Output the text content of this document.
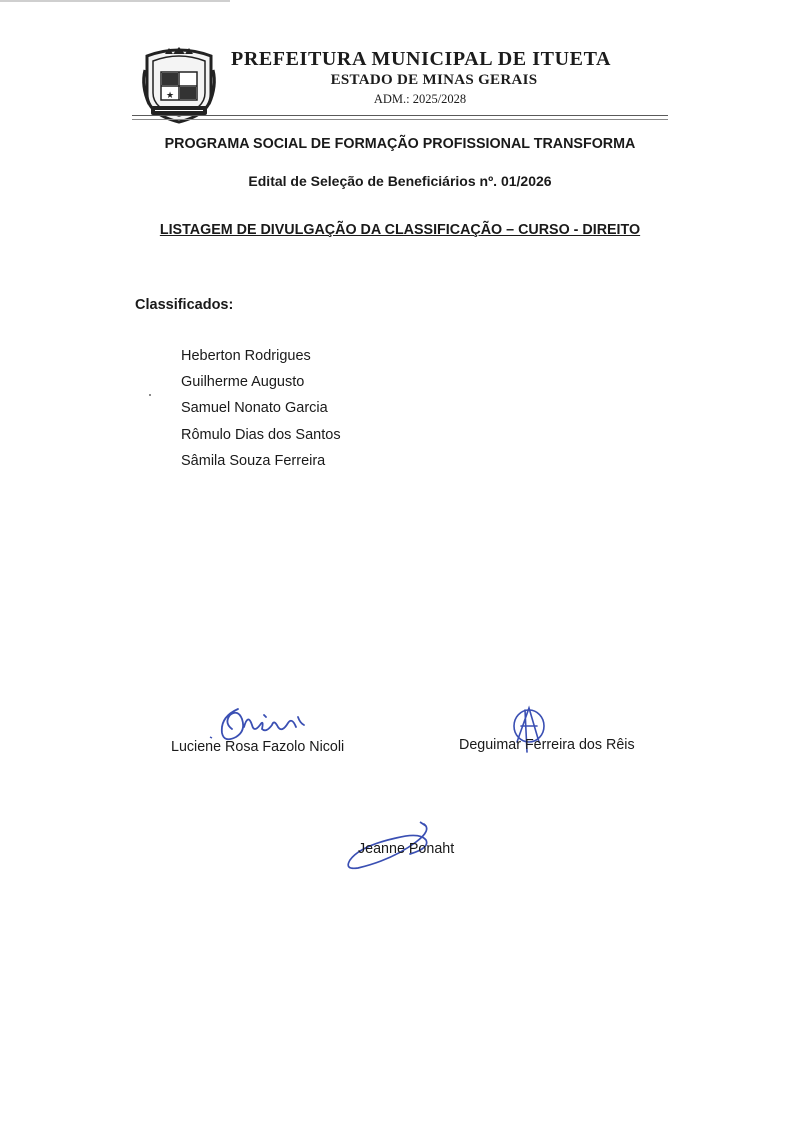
★
PREFEITURA MUNICIPAL DE ITUETA
ESTADO DE MINAS GERAIS
ADM.: 2025/2028
PROGRAMA SOCIAL DE FORMAÇÃO PROFISSIONAL TRANSFORMA
Edital de Seleção de Beneficiários nº. 01/2026
LISTAGEM DE DIVULGAÇÃO DA CLASSIFICAÇÃO – CURSO - DIREITO
Classificados:
Heberton Rodrigues
Guilherme Augusto
Samuel Nonato Garcia
Rômulo Dias dos Santos
Sâmila Souza Ferreira
Luciene Rosa Fazolo Nicoli	Deguimar Ferreira dos Rêis
Jeanne Ponaht
